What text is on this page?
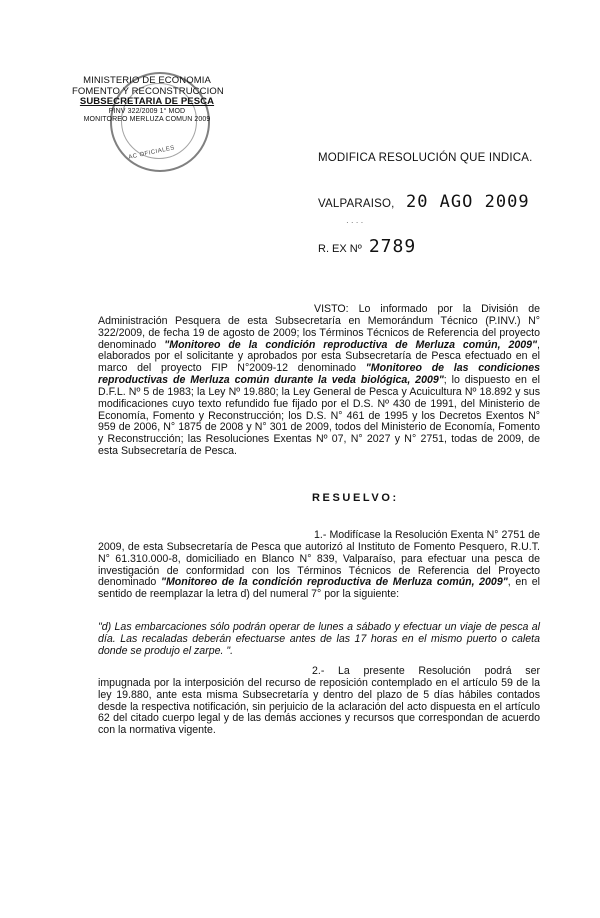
AC OFICIALES
MINISTERIO DE ECONOMIA
FOMENTO Y RECONSTRUCCION
SUBSECRETARIA DE PESCA
PINV 322/2009 1° MOD
MONITOREO MERLUZA COMUN 2009
MODIFICA RESOLUCIÓN QUE INDICA.
VALPARAISO, 20 AGO 2009
· · · ·
R. EX Nº 2789
VISTO: Lo informado por la División de Administración Pesquera de esta Subsecretaría en Memorándum Técnico (P.INV.) N° 322/2009, de fecha 19 de agosto de 2009; los Términos Técnicos de Referencia del proyecto denominado "Monitoreo de la condición reproductiva de Merluza común, 2009", elaborados por el solicitante y aprobados por esta Subsecretaría de Pesca efectuado en el marco del proyecto FIP N°2009-12 denominado "Monitoreo de las condiciones reproductivas de Merluza común durante la veda biológica, 2009"; lo dispuesto en el D.F.L. Nº 5 de 1983; la Ley Nº 19.880; la Ley General de Pesca y Acuicultura Nº 18.892 y sus modificaciones cuyo texto refundido fue fijado por el D.S. Nº 430 de 1991, del Ministerio de Economía, Fomento y Reconstrucción; los D.S. N° 461 de 1995 y los Decretos Exentos N° 959 de 2006, N° 1875 de 2008 y N° 301 de 2009, todos del Ministerio de Economía, Fomento y Reconstrucción; las Resoluciones Exentas Nº 07, N° 2027 y N° 2751, todas de 2009, de esta Subsecretaría de Pesca.
RESUELVO:
1.- Modifícase la Resolución Exenta N° 2751 de 2009, de esta Subsecretaría de Pesca que autorizó al Instituto de Fomento Pesquero, R.U.T. N° 61.310.000-8, domiciliado en Blanco N° 839, Valparaíso, para efectuar una pesca de investigación de conformidad con los Términos Técnicos de Referencia del Proyecto denominado "Monitoreo de la condición reproductiva de Merluza común, 2009", en el sentido de reemplazar la letra d) del numeral 7° por la siguiente:
"d) Las embarcaciones sólo podrán operar de lunes a sábado y efectuar un viaje de pesca al día. Las recaladas deberán efectuarse antes de las 17 horas en el mismo puerto o caleta donde se produjo el zarpe. ".
2.- La presente Resolución podrá ser impugnada por la interposición del recurso de reposición contemplado en el artículo 59 de la ley 19.880, ante esta misma Subsecretaría y dentro del plazo de 5 días hábiles contados desde la respectiva notificación, sin perjuicio de la aclaración del acto dispuesta en el artículo 62 del citado cuerpo legal y de las demás acciones y recursos que correspondan de acuerdo con la normativa vigente.
